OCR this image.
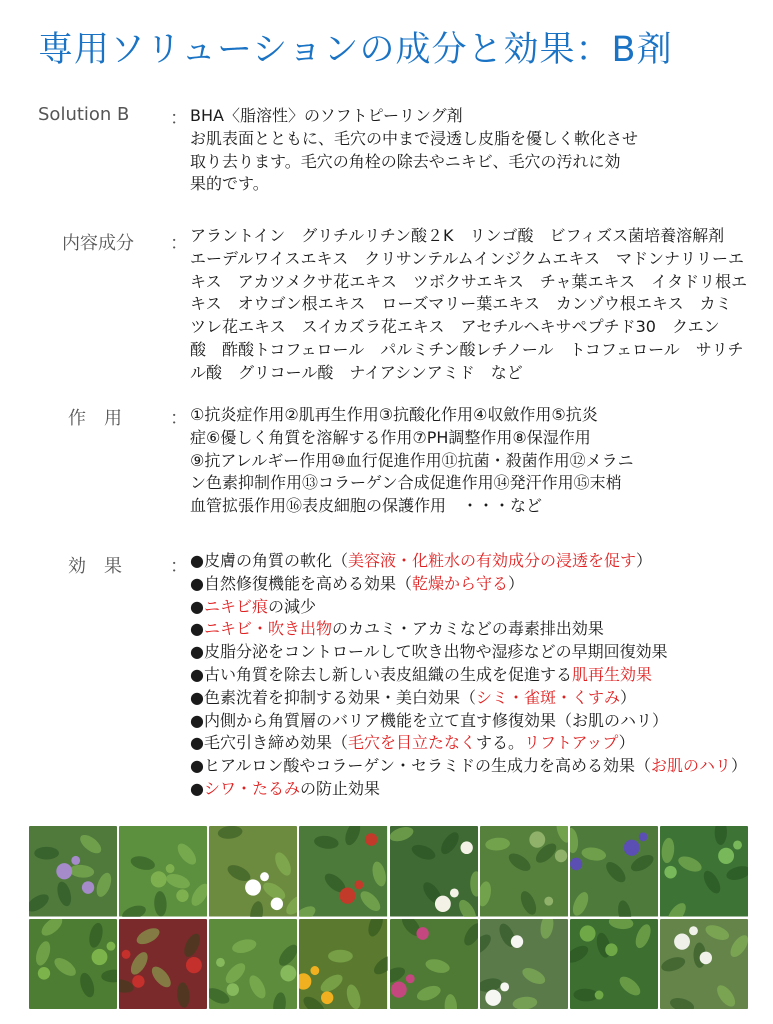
専用ソリューションの成分と効果：B剤
Solution B ： BHA〈脂溶性〉のソフトピーリング剤
お肌表面とともに、毛穴の中まで浸透し皮脂を優しく軟化させ
取り去ります。毛穴の角栓の除去やニキビ、毛穴の汚れに効
果的です。
内容成分 ： アラントイン　グリチルリチン酸２K　リンゴ酸　ビフィズス菌培養溶解剤
エーデルワイスエキス　クリサンテルムインジクムエキス　マドンナリリーエ
キス　アカツメクサ花エキス　ツボクサエキス　チャ葉エキス　イタドリ根エ
キス　オウゴン根エキス　ローズマリー葉エキス　カンゾウ根エキス　カミ
ツレ花エキス　スイカズラ花エキス　アセチルヘキサペプチド30　クエン
酸　酢酸トコフェロール　パルミチン酸レチノール　トコフェロール　サリチ
ル酸　グリコール酸　ナイアシンアミド　など
作　用	： ①抗炎症作用②肌再生作用③抗酸化作用④収斂作用⑤抗炎
症⑥優しく角質を溶解する作用⑦PH調整作用⑧保湿作用
⑨抗アレルギー作用⑩血行促進作用⑪抗菌・殺菌作用⑫メラニ
ン色素抑制作用⑬コラーゲン合成促進作用⑭発汗作用⑮末梢
血管拡張作用⑯表皮細胞の保護作用　・・・など
効　果	： ●皮膚の角質の軟化（美容液・化粧水の有効成分の浸透を促す）
●自然修復機能を高める効果（乾燥から守る）
●ニキビ痕の減少
●ニキビ・吹き出物のカユミ・アカミなどの毒素排出効果
●皮脂分泌をコントロールして吹き出物や湿疹などの早期回復効果
●古い角質を除去し新しい表皮組織の生成を促進する肌再生効果
●色素沈着を抑制する効果・美白効果（シミ・雀斑・くすみ）
●内側から角質層のバリア機能を立て直す修復効果（お肌のハリ）
●毛穴引き締め効果（毛穴を目立たなくする。リフトアップ）
●ヒアルロン酸やコラーゲン・セラミドの生成力を高める効果（お肌のハリ）
●シワ・たるみの防止効果
